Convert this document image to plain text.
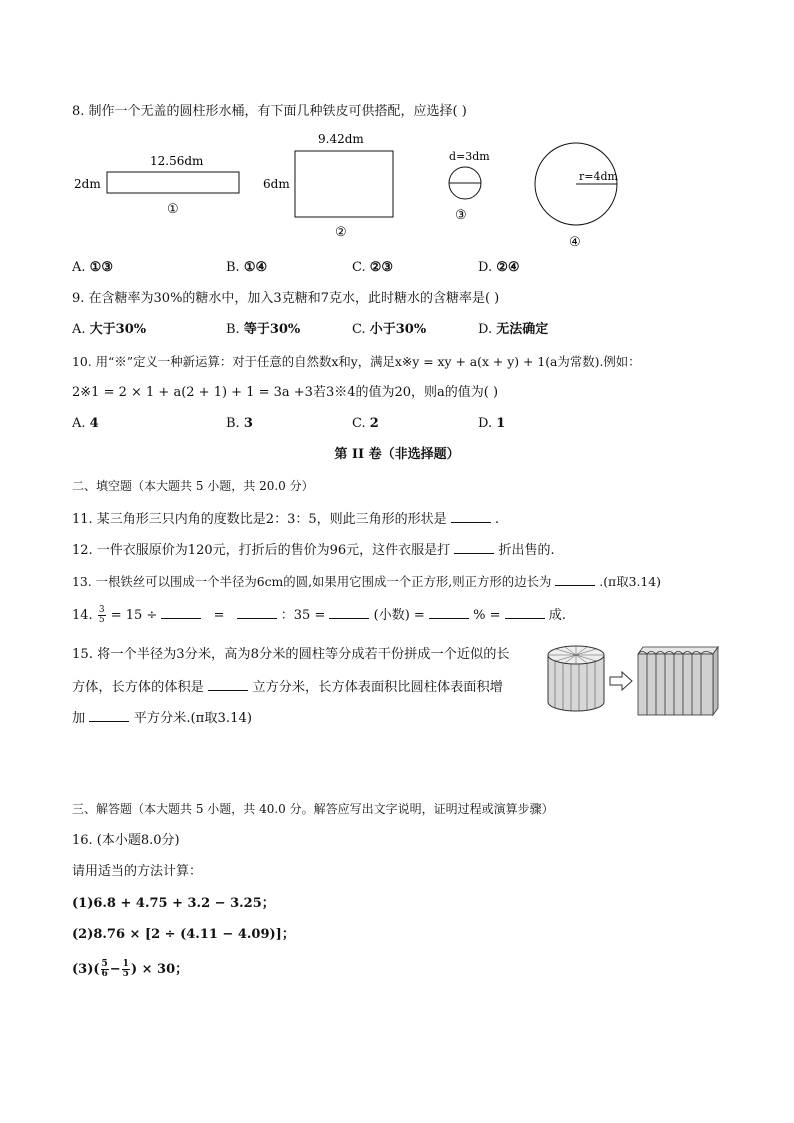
8. 制作一个无盖的圆柱形水桶，有下面几种铁皮可供搭配，应选择( )
12.56dm
2dm
①
9.42dm
6dm
②
d=3dm
③
r=4dm
④
A. ①③	B. ①④	C. ②③	D. ②④
9. 在含糖率为30%的糖水中，加入3克糖和7克水，此时糖水的含糖率是( )
A. 大于30%	B. 等于30%	C. 小于30%	D. 无法确定
10. 用“※”定义一种新运算：对于任意的自然数x和y，满足x※y = xy + a(x + y) + 1(a为常数).例如：
2※1 = 2 × 1 + a(2 + 1) + 1 = 3a +3若3※4的值为20，则a的值为( )
A. 4	B. 3	C. 2	D. 1
第 II 卷（非选择题）
二、填空题（本大题共 5 小题，共 20.0 分）
11. 某三角形三只内角的度数比是2：3：5，则此三角形的形状是	.
12. 一件衣服原价为120元，打折后的售价为96元，这件衣服是打	折出售的.
13. 一根铁丝可以围成一个半径为6cm的圆,如果用它围成一个正方形,则正方形的边长为	.(π取3.14)
14. $\frac{3}{5} = 15$ ÷	=	：35 =	(小数) =	% =	成.
15. 将一个半径为3分米，高为8分米的圆柱等分成若干份拼成一个近似的长
方体，长方体的体积是	立方分米，长方体表面积比圆柱体表面积增
加	平方分米.(π取3.14)
三、解答题（本大题共 5 小题，共 40.0 分。解答应写出文字说明，证明过程或演算步骤）
16. (本小题8.0分)
请用适当的方法计算：
(1)6.8 + 4.75 + 3.2 − 3.25；
(2)8.76 × [2 ÷ (4.11 − 4.09)]；
$(3)( \frac{5}{6} - \frac{1}{5}$ ) × 30；
